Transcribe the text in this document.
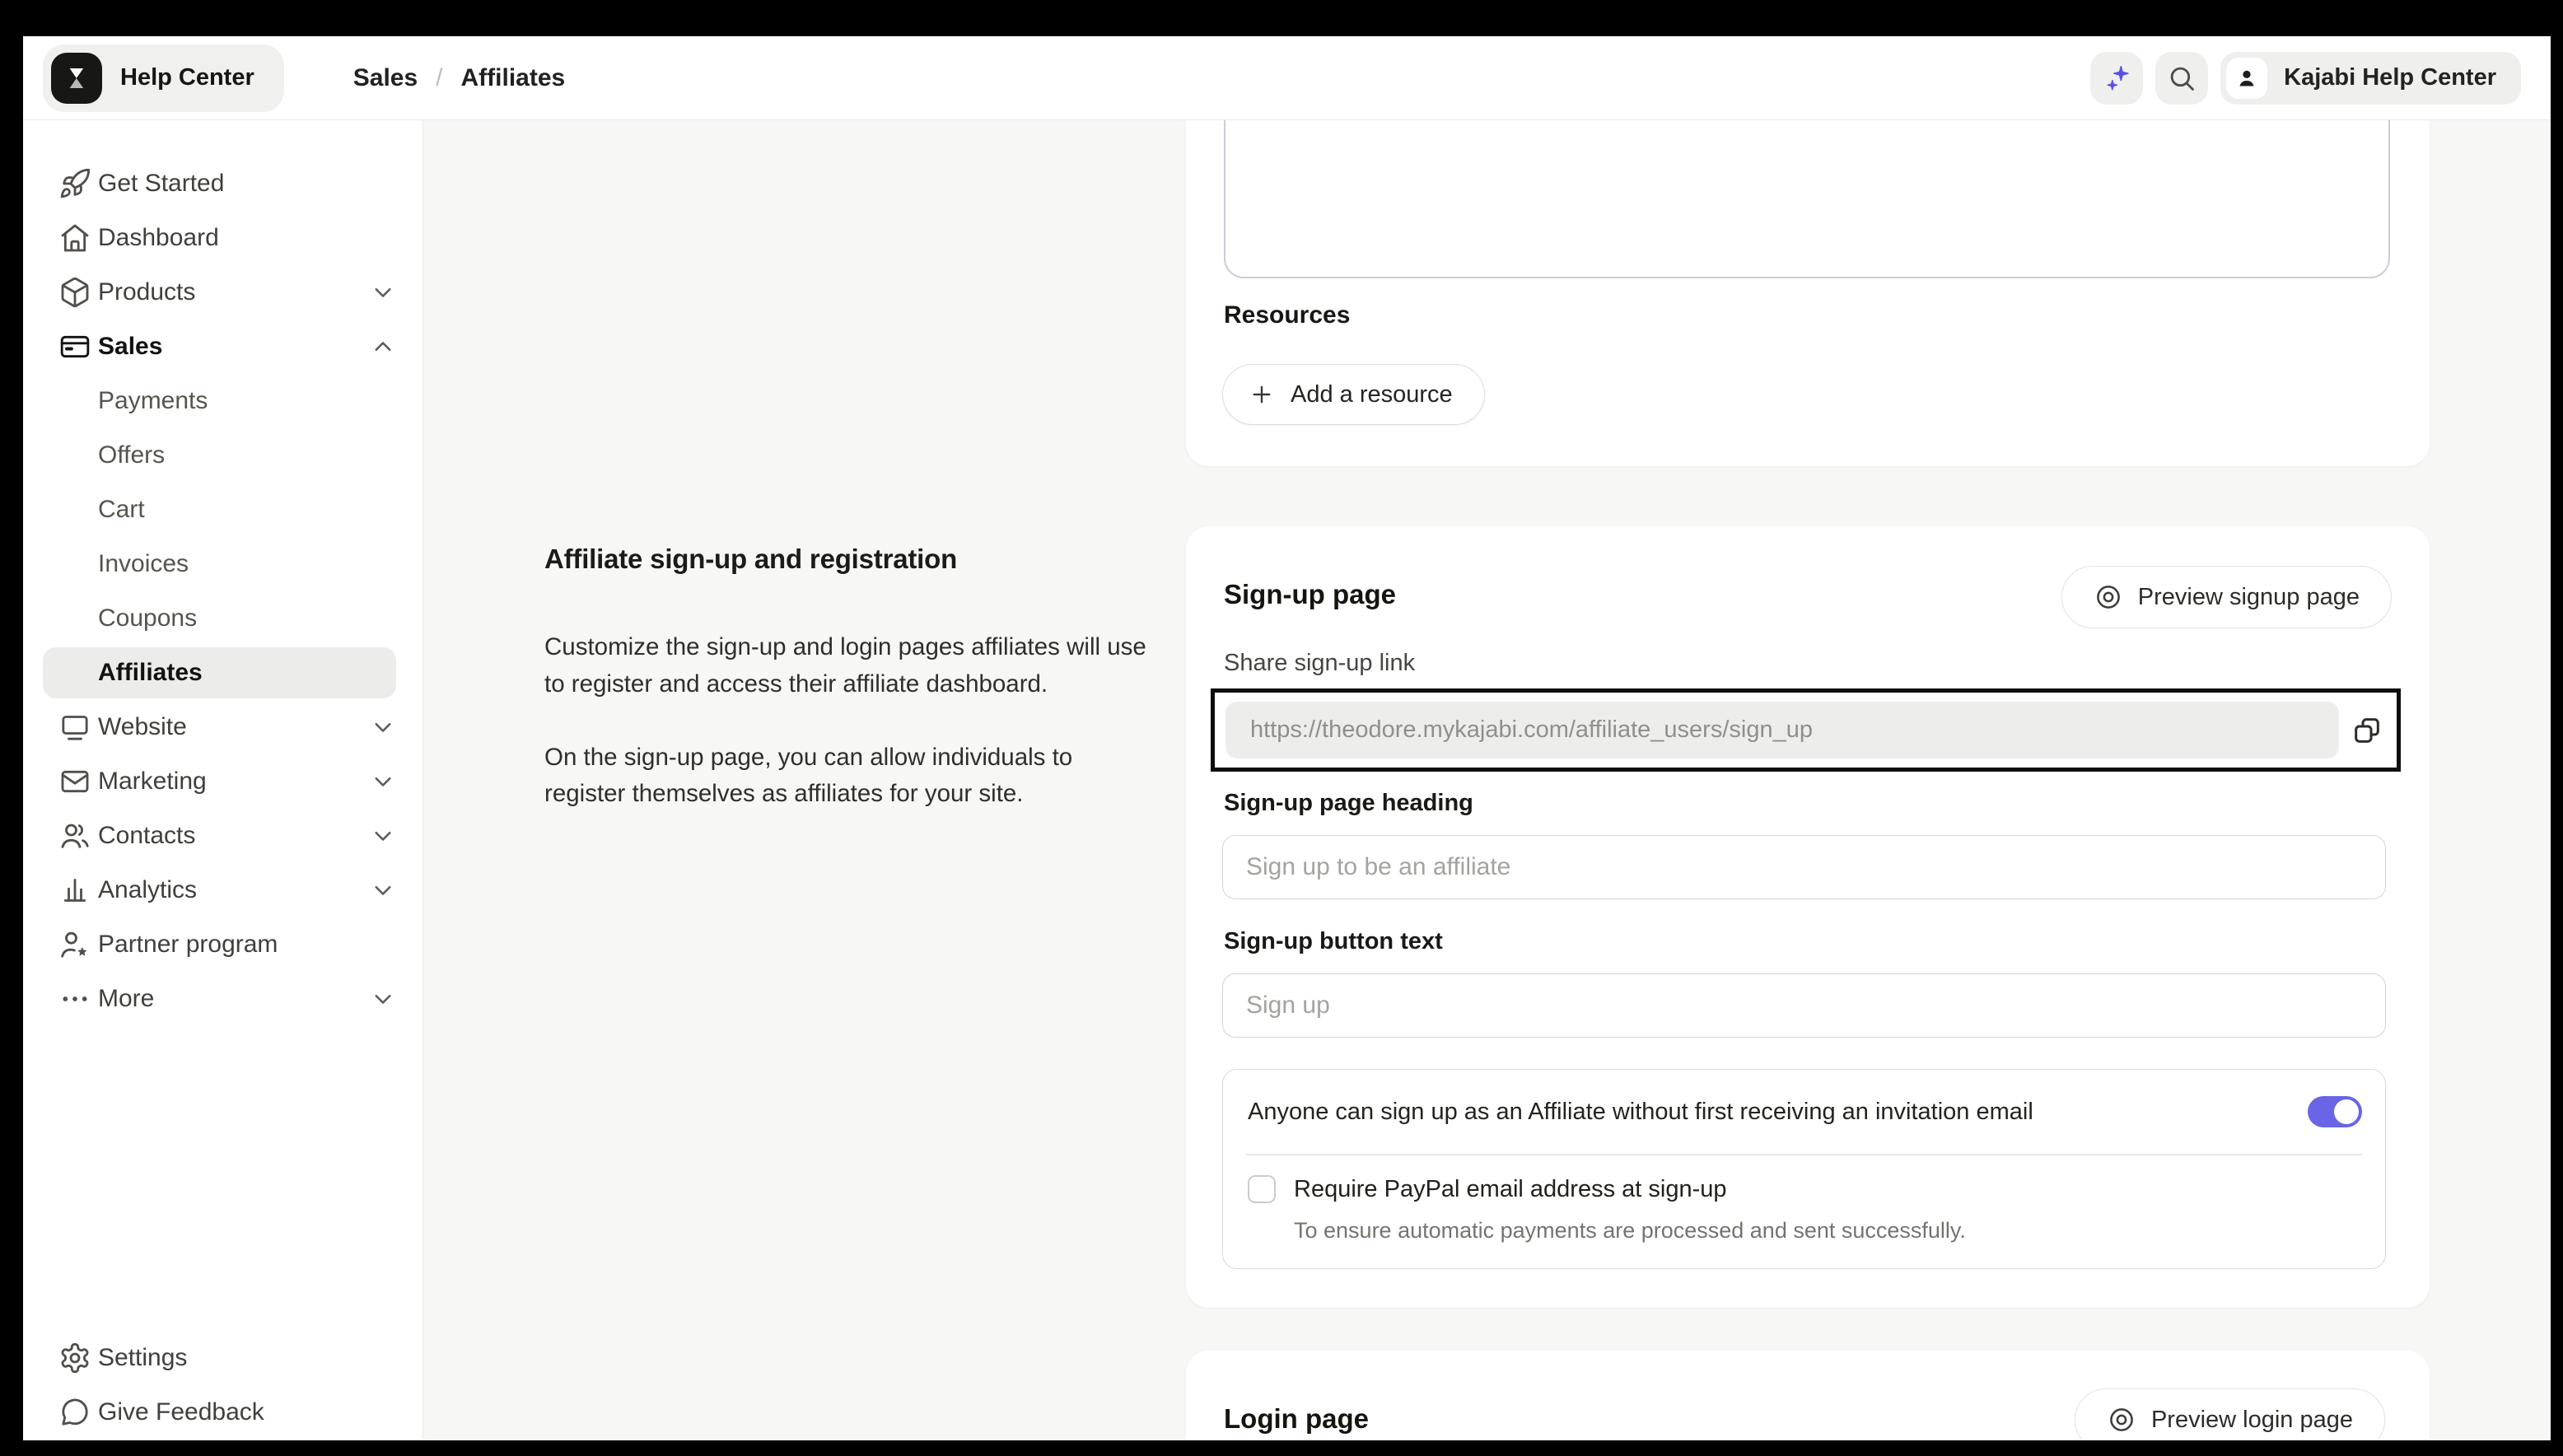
Help Center	Sales / Affiliates	Kajabi Help Center
Get Started
Dashboard
Products
Sales
Payments
Offers
Cart
Invoices
Coupons
Affiliates
Website
Marketing
Contacts
Analytics
Partner program
More
Settings
Give Feedback
Affiliate sign-up and registration

Customize the sign-up and login pages affiliates will use to register and access their affiliate dashboard.

On the sign-up page, you can allow individuals to register themselves as affiliates for your site.

Resources
Add a resource
Sign-up page	Preview signup page
Share sign-up link
https://theodore.mykajabi.com/affiliate_users/sign_up
Sign-up page heading
Sign up to be an affiliate
Sign-up button text
Sign up
Anyone can sign up as an Affiliate without first receiving an invitation email
Require PayPal email address at sign-up
To ensure automatic payments are processed and sent successfully.
Login page	Preview login page
